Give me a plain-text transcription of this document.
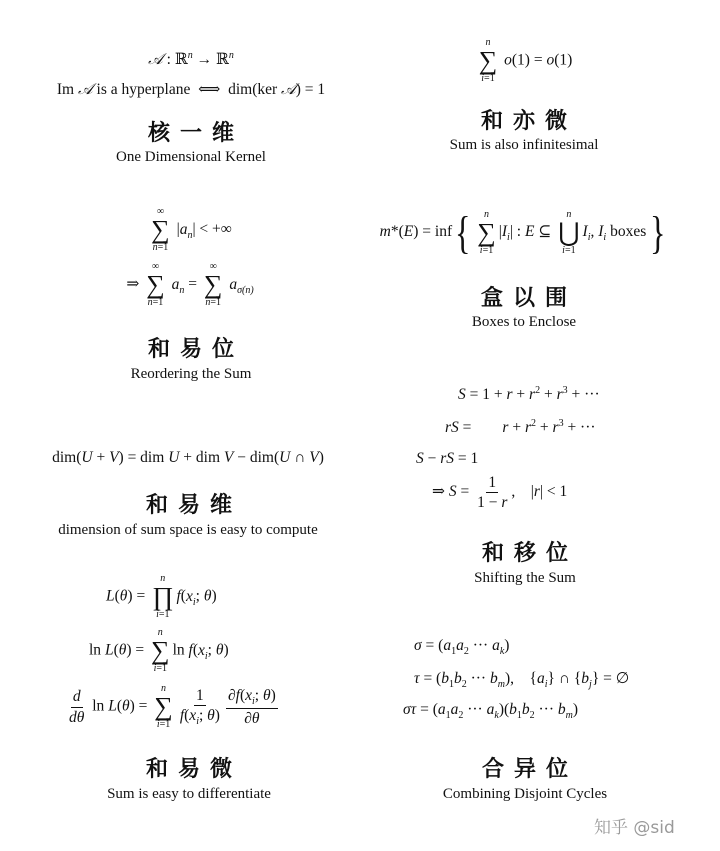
𝒜 : ℝ$^n$ → ℝ$^n$
Im 𝒜 is a hyperplane  ⟺  dim(ker 𝒜) = 1
核一维
One Dimensional Kernel
n
∑
i=1
o(1) = o(1)
和亦微
Sum is also infinitesimal
∞
∑
n=1
$|a_n|$ < +∞
⇒
∞
∑
n=1
$a_n$ =
∞
∑
n=1
$a_{\sigma(n)}$
和易位
Reordering the Sum
m*(E) = inf{ n
∑
i=1
$|I_i|$ : E ⊆
n
⋃
i=1
$I_i$, $I_i$ boxes}
盒以围
Boxes to Enclose
dim(U + V) = dim U + dim V − dim(U ∩ V)
和易维
dimension of sum space is easy to compute
$S = 1 + r + r^2 + r^3$ + ···
rS =        $r + r^2 + r^3$ + ···
S − rS = 1
⇒ $S = \frac{1}{1 - r}$ ,    |r| < 1
和移位
Shifting the Sum
L(θ) =
n
∏
i=1
$f(x_i$; θ)
ln L(θ) =
n
∑
i=1
$\ln f(x_i$; θ)
$\frac{d}{d\theta}$ ln L(θ) =
n
∑
$i=1 \frac{1}{f(x_i; \theta)} \frac{\partial f(x_i; \theta)}{\partial\theta}$
和易微
Sum is easy to differentiate
$\sigma = (a_1a_2$ ··· $a_k$)
$\tau = (b_1b_2$ ··· $b_m$),    $\{a_i\}$ ∩ $\{b_j\}$ = ∅
$\sigma\tau = (a_1a_2$ ··· $a_k)(b_1b_2$ ··· $b_m$)
合异位
Combining Disjoint Cycles
知乎 @sid
